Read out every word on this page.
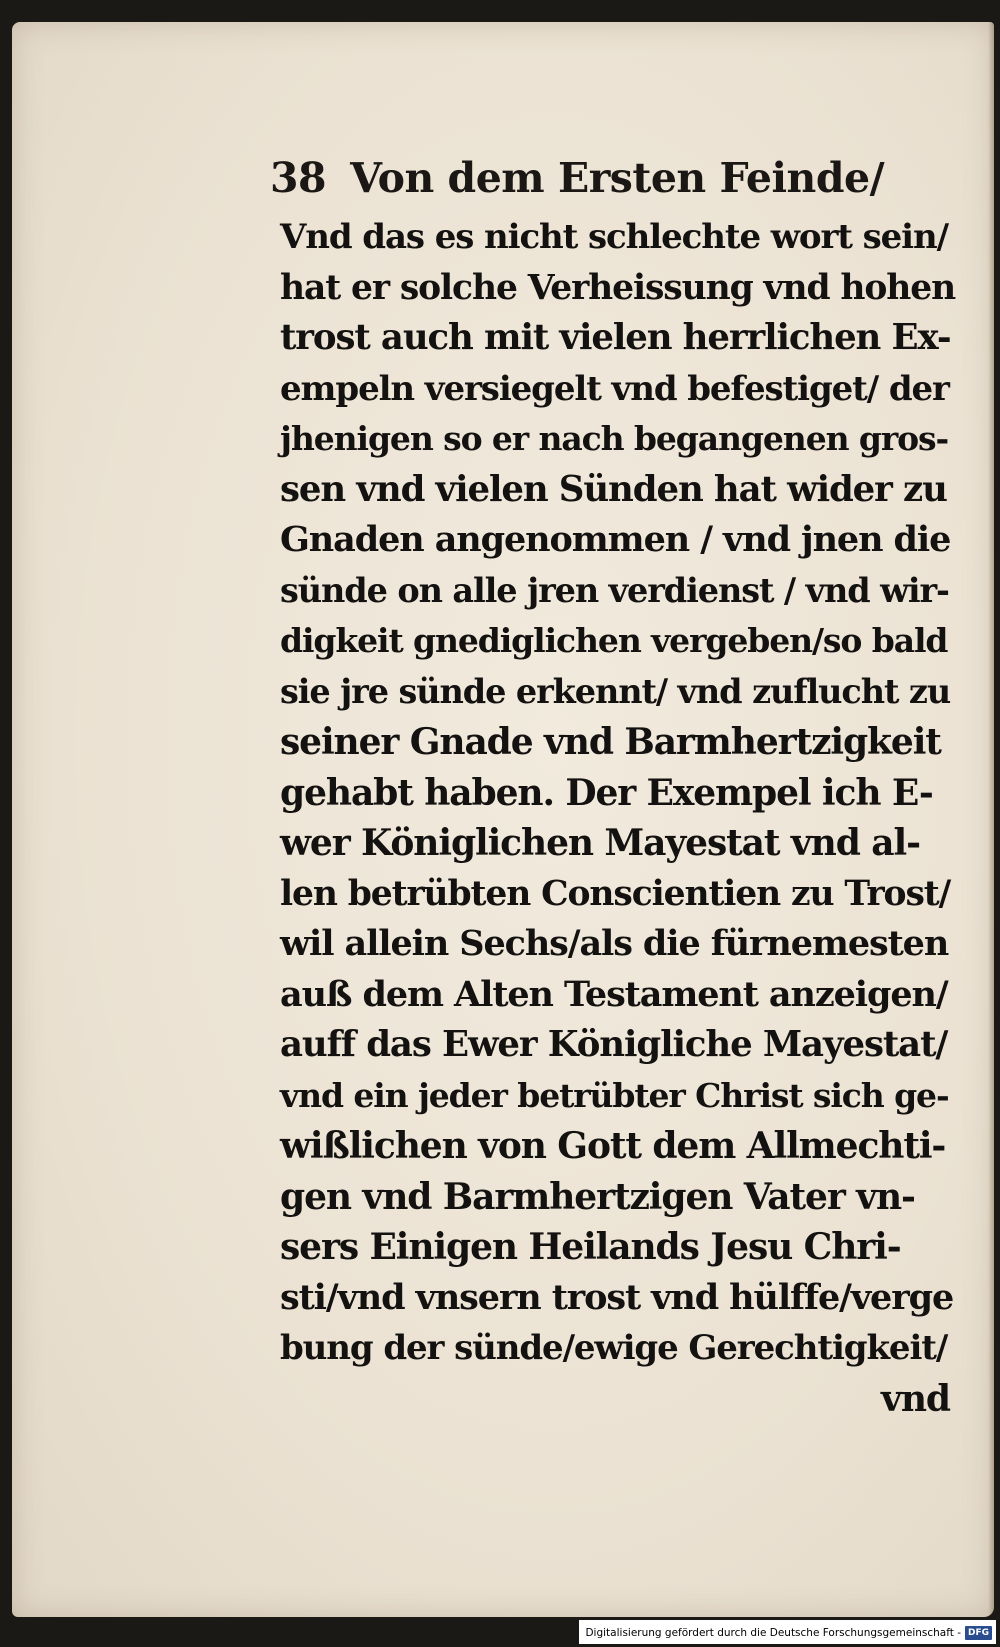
38 Von dem Ersten Feinde/
Vnd das es nicht schlechte wort sein/
hat er solche Verheissung vnd hohen
trost auch mit vielen herrlichen Ex-
empeln versiegelt vnd befestiget/ der
jhenigen so er nach begangenen gros-
sen vnd vielen Sünden hat wider zu
Gnaden angenommen / vnd jnen die
sünde on alle jren verdienst / vnd wir-
digkeit gnediglichen vergeben/so bald
sie jre sünde erkennt/ vnd zuflucht zu
seiner Gnade vnd Barmhertzigkeit
gehabt haben. Der Exempel ich E-
wer Königlichen Mayestat vnd al-
len betrübten Conscientien zu Trost/
wil allein Sechs/als die fürnemesten
auß dem Alten Testament anzeigen/
auff das Ewer Königliche Mayestat/
vnd ein jeder betrübter Christ sich ge-
wißlichen von Gott dem Allmechti-
gen vnd Barmhertzigen Vater vn-
sers Einigen Heilands Jesu Chri-
sti/vnd vnsern trost vnd hülffe/verge
bung der sünde/ewige Gerechtigkeit/
vnd
Digitalisierung gefördert durch die Deutsche Forschungsgemeinschaft - DFG
